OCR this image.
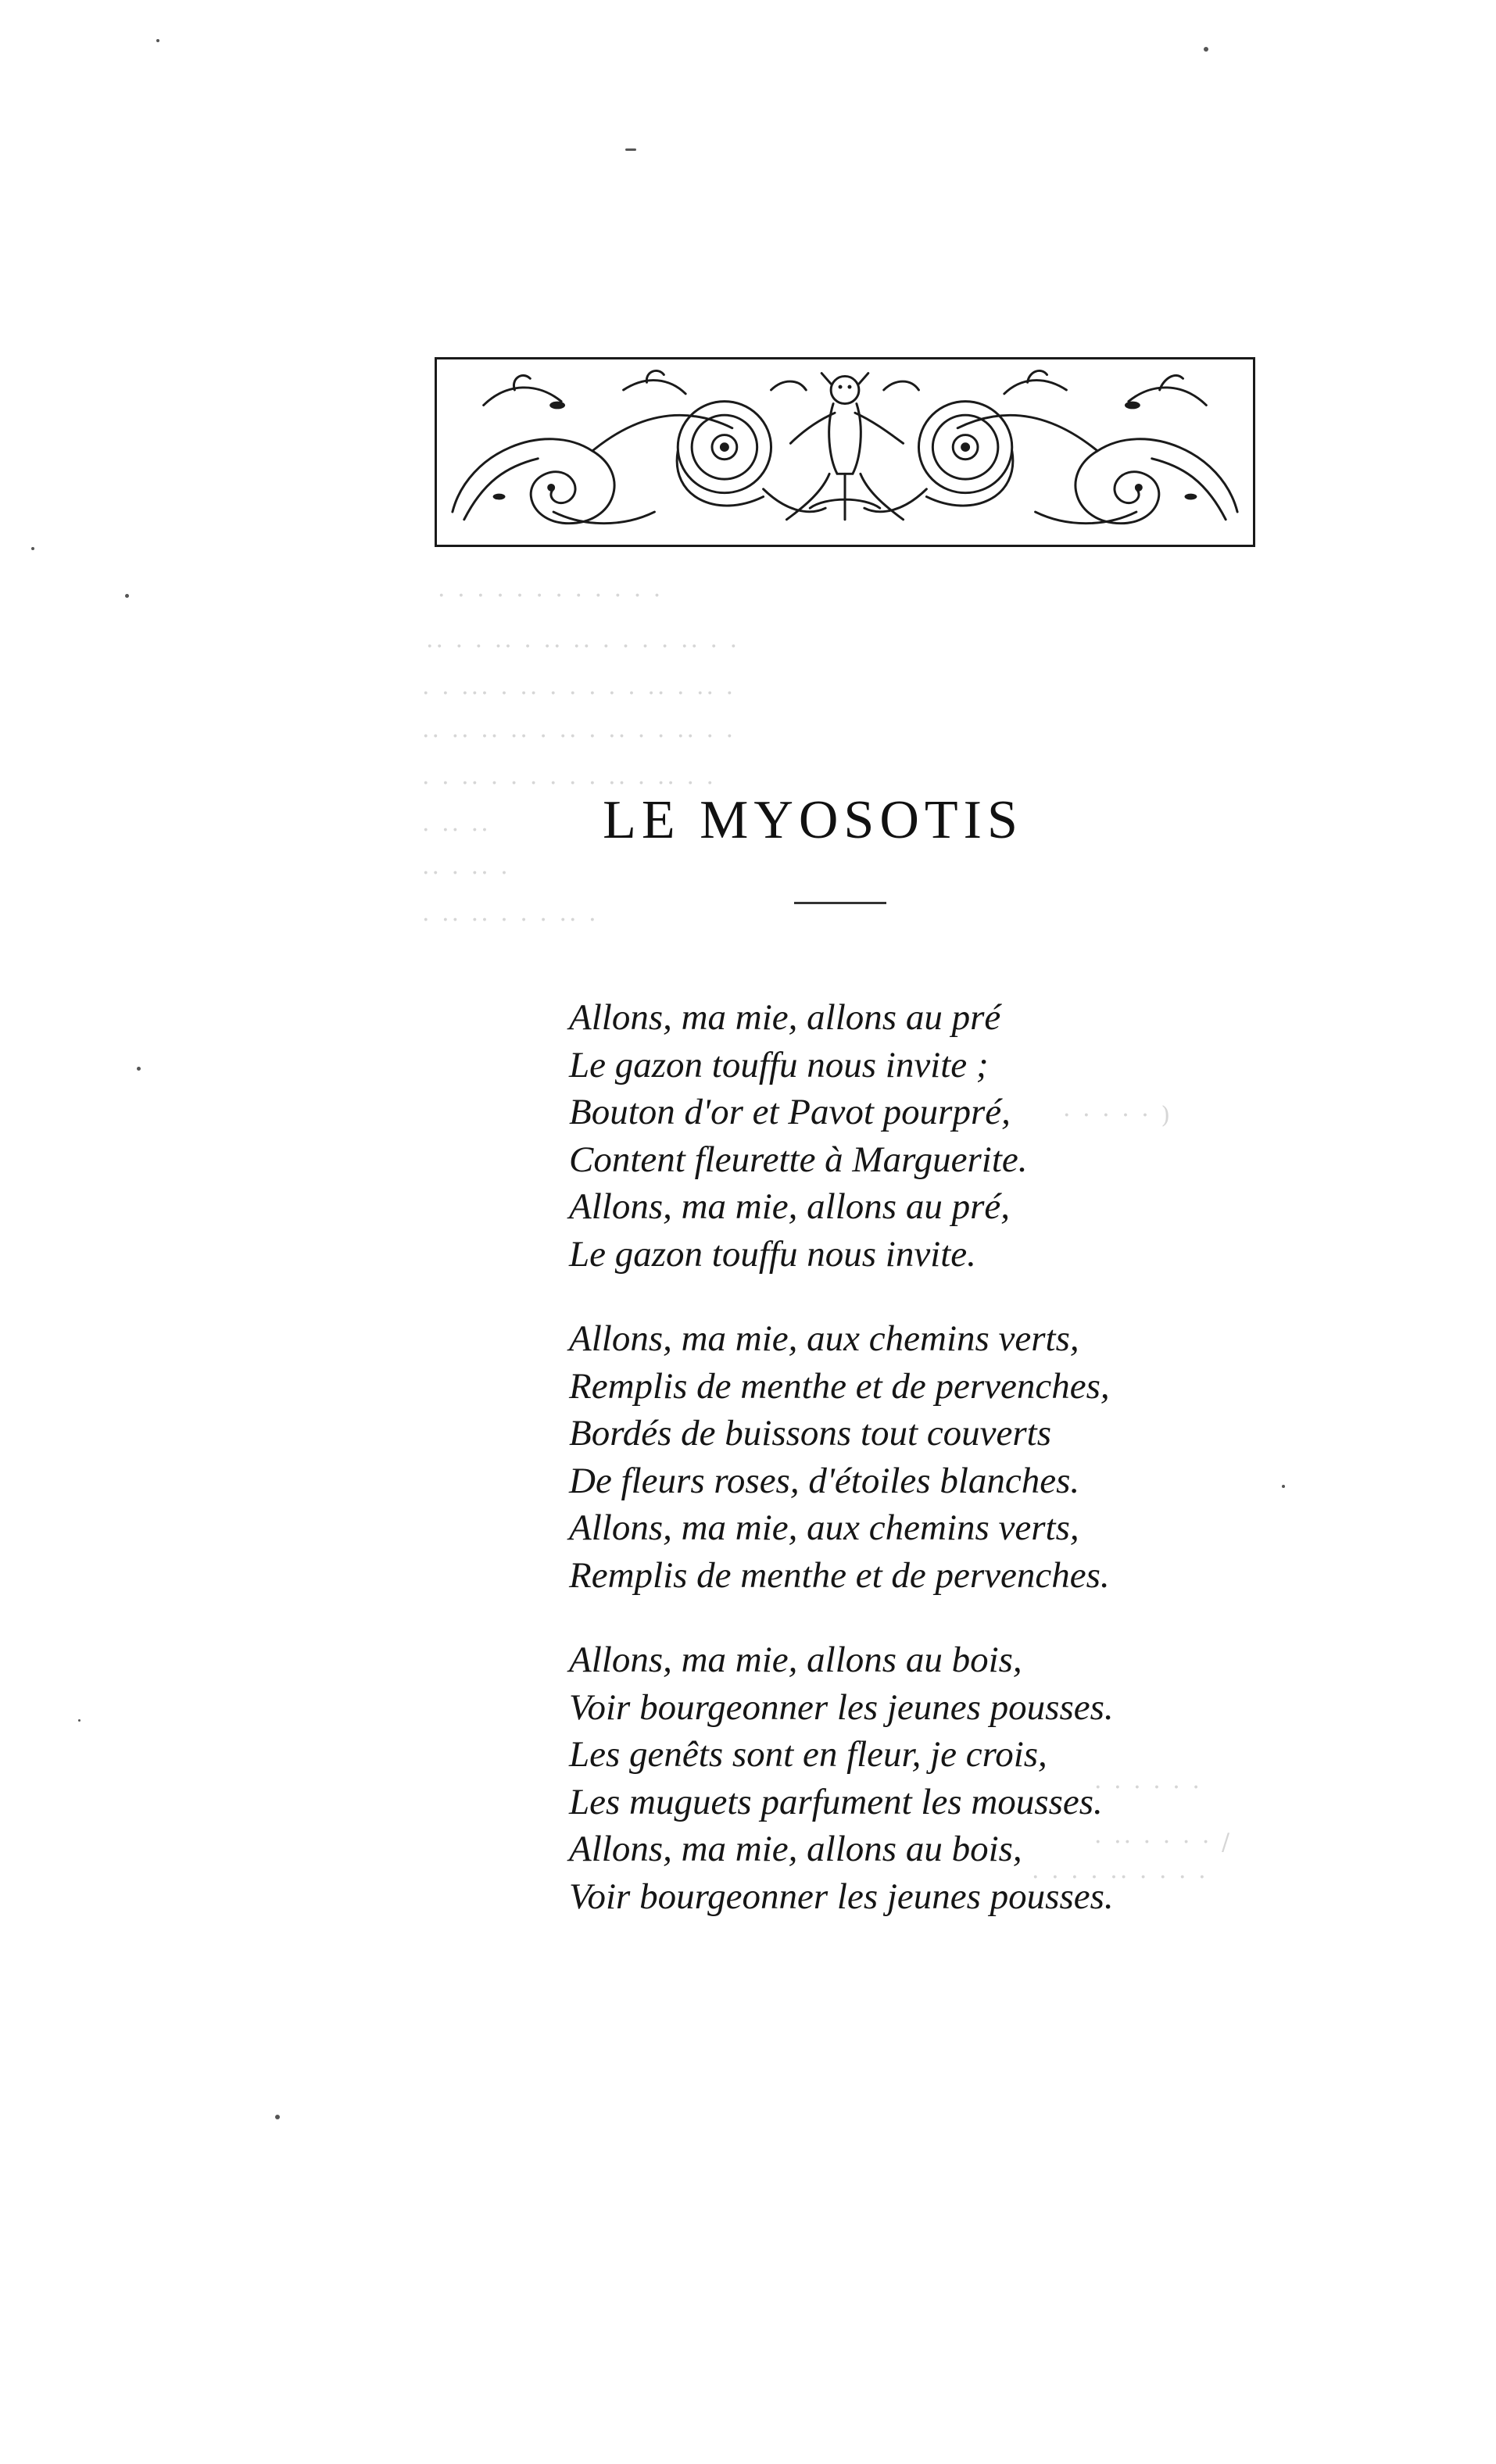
· · · · · · · · · · · ·
·· · · ·· · ·· ·· · · · · ·· · ·
· · ··· · ·· · · · · · ·· · ·· ·
·· ·· ·· ·· · ·· · ·· · · ·· · ·
· · ·· · · · · · · ·· · ·· · ·
· ·· ··
·· · ·· ·
· ·· ·· · · · ·· ·
· · · · · )
· · · · · ·
· ·· · · · · /
· · · · ·· · · · ·
LE MYOSOTIS

Allons, ma mie, allons au pré
Le gazon touffu nous invite ;
Bouton d'or et Pavot pourpré,
Content fleurette à Marguerite.
Allons, ma mie, allons au pré,
Le gazon touffu nous invite.

Allons, ma mie, aux chemins verts,
Remplis de menthe et de pervenches,
Bordés de buissons tout couverts
De fleurs roses, d'étoiles blanches.
Allons, ma mie, aux chemins verts,
Remplis de menthe et de pervenches.

Allons, ma mie, allons au bois,
Voir bourgeonner les jeunes pousses.
Les genêts sont en fleur, je crois,
Les muguets parfument les mousses.
Allons, ma mie, allons au bois,
Voir bourgeonner les jeunes pousses.
